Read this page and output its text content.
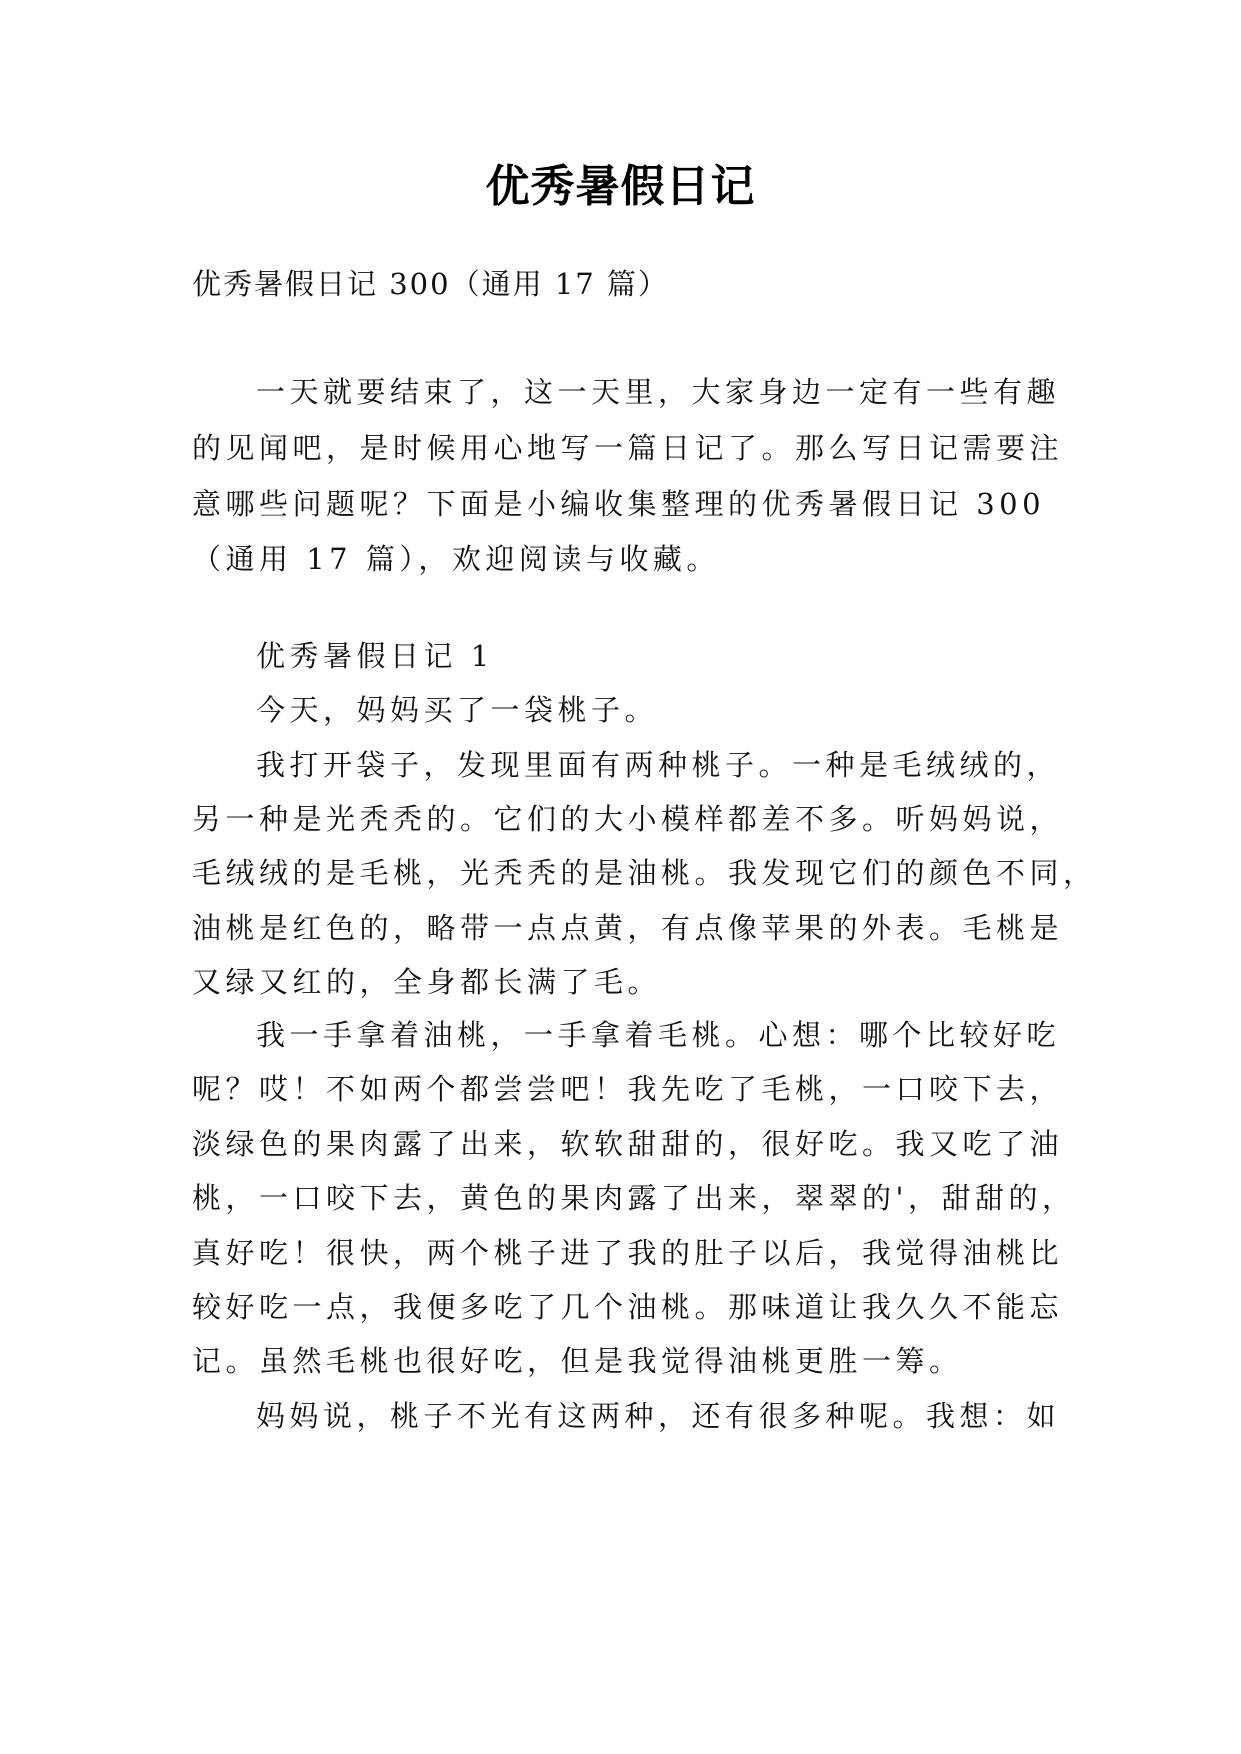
优秀暑假日记
优秀暑假日记 300（通用 17 篇）
一天就要结束了，这一天里，大家身边一定有一些有趣
的见闻吧，是时候用心地写一篇日记了。那么写日记需要注
意哪些问题呢？下面是小编收集整理的优秀暑假日记 300
（通用 17 篇），欢迎阅读与收藏。
优秀暑假日记 1
今天，妈妈买了一袋桃子。
我打开袋子，发现里面有两种桃子。一种是毛绒绒的，
另一种是光秃秃的。它们的大小模样都差不多。听妈妈说，
毛绒绒的是毛桃，光秃秃的是油桃。我发现它们的颜色不同，
油桃是红色的，略带一点点黄，有点像苹果的外表。毛桃是
又绿又红的，全身都长满了毛。
我一手拿着油桃，一手拿着毛桃。心想：哪个比较好吃
呢？哎！不如两个都尝尝吧！我先吃了毛桃，一口咬下去，
淡绿色的果肉露了出来，软软甜甜的，很好吃。我又吃了油
桃，一口咬下去，黄色的果肉露了出来，翠翠的'，甜甜的，
真好吃！很快，两个桃子进了我的肚子以后，我觉得油桃比
较好吃一点，我便多吃了几个油桃。那味道让我久久不能忘
记。虽然毛桃也很好吃，但是我觉得油桃更胜一筹。
妈妈说，桃子不光有这两种，还有很多种呢。我想：如
